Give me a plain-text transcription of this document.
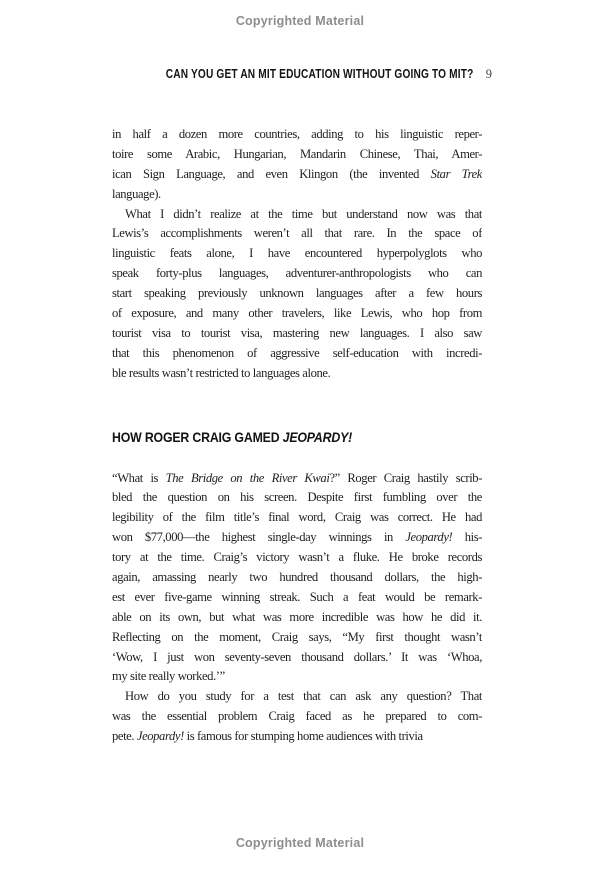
Copyrighted Material
CAN YOU GET AN MIT EDUCATION WITHOUT GOING TO MIT? 9
in half a dozen more countries, adding to his linguistic reper-
toire some Arabic, Hungarian, Mandarin Chinese, Thai, Amer-
ican Sign Language, and even Klingon (the invented Star Trek
language).
What I didn’t realize at the time but understand now was that
Lewis’s accomplishments weren’t all that rare. In the space of
linguistic feats alone, I have encountered hyperpolyglots who
speak forty-plus languages, adventurer-anthropologists who can
start speaking previously unknown languages after a few hours
of exposure, and many other travelers, like Lewis, who hop from
tourist visa to tourist visa, mastering new languages. I also saw
that this phenomenon of aggressive self-education with incredi-
ble results wasn’t restricted to languages alone.
HOW ROGER CRAIG GAMED JEOPARDY!
“What is The Bridge on the River Kwai?” Roger Craig hastily scrib-
bled the question on his screen. Despite first fumbling over the
legibility of the film title’s final word, Craig was correct. He had
won $77,000—the highest single-day winnings in Jeopardy! his-
tory at the time. Craig’s victory wasn’t a fluke. He broke records
again, amassing nearly two hundred thousand dollars, the high-
est ever five-game winning streak. Such a feat would be remark-
able on its own, but what was more incredible was how he did it.
Reflecting on the moment, Craig says, “My first thought wasn’t
‘Wow, I just won seventy-seven thousand dollars.’ It was ‘Whoa,
my site really worked.’”
How do you study for a test that can ask any question? That
was the essential problem Craig faced as he prepared to com-
pete. Jeopardy! is famous for stumping home audiences with trivia
Copyrighted Material
